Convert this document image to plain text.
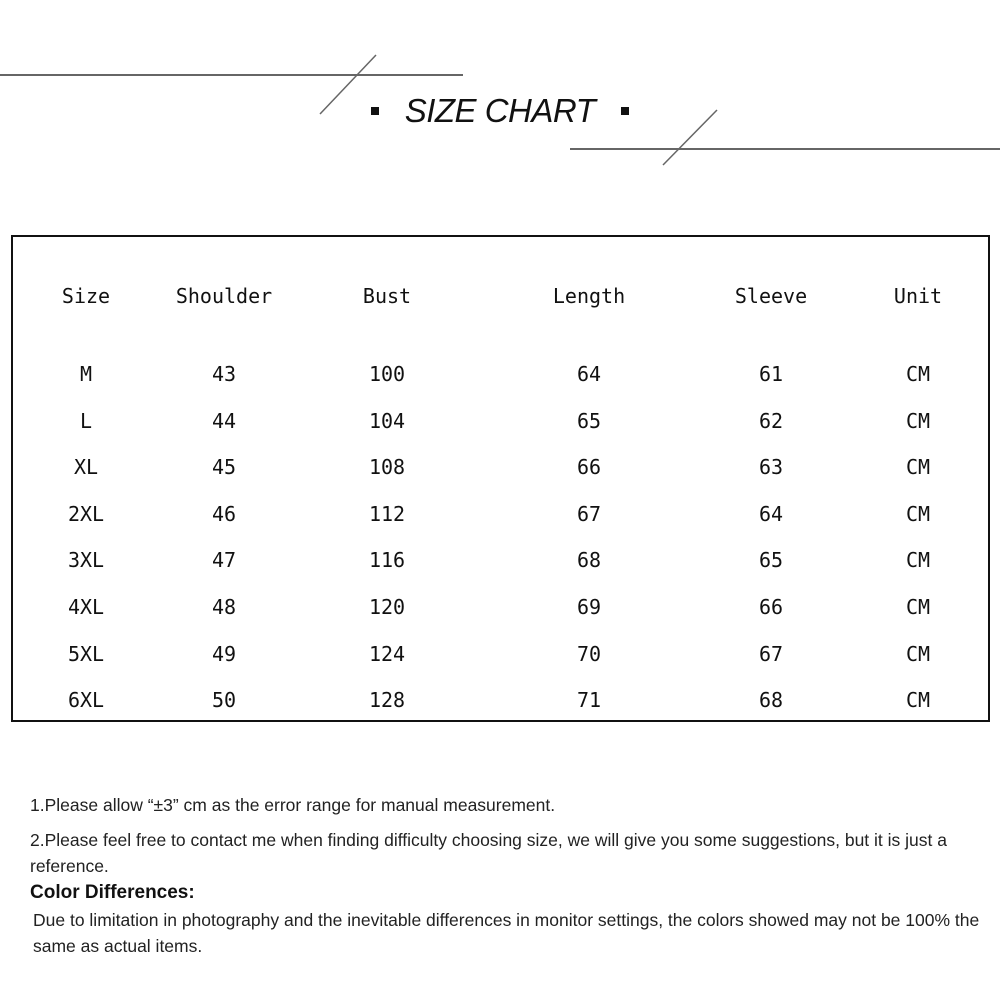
SIZE CHART
Size	Shoulder	Bust	Length	Sleeve	Unit
M	43	100	64	61	CM
L	44	104	65	62	CM
XL	45	108	66	63	CM
2XL	46	112	67	64	CM
3XL	47	116	68	65	CM
4XL	48	120	69	66	CM
5XL	49	124	70	67	CM
6XL	50	128	71	68	CM

1.Please allow “±3” cm as the error range for manual measurement.

2.Please feel free to contact me when finding difficulty choosing size, we will give you some suggestions, but it is just a reference.

Color Differences:
Due to limitation in photography and the inevitable differences in monitor settings, the colors showed may not be 100% the same as actual items.
